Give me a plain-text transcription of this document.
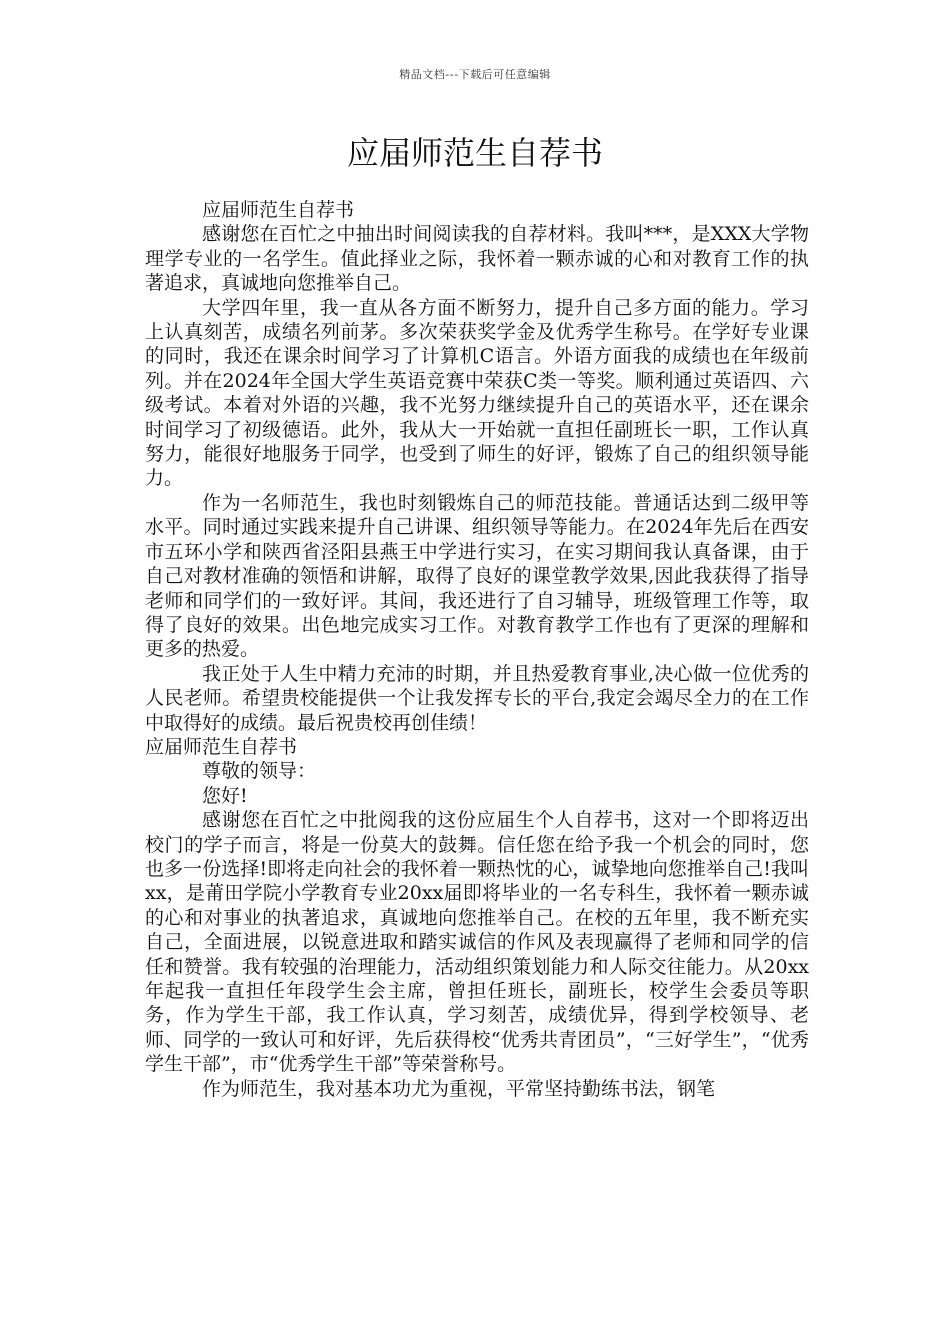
精品文档---下载后可任意编辑
应届师范生自荐书

应届师范生自荐书

感谢您在百忙之中抽出时间阅读我的自荐材料。我叫***，是XXX大学物理学专业的一名学生。值此择业之际，我怀着一颗赤诚的心和对教育工作的执著追求，真诚地向您推举自己。

大学四年里，我一直从各方面不断努力，提升自己多方面的能力。学习上认真刻苦，成绩名列前茅。多次荣获奖学金及优秀学生称号。在学好专业课的同时，我还在课余时间学习了计算机C语言。外语方面我的成绩也在年级前列。并在2024年全国大学生英语竞赛中荣获C类一等奖。顺利通过英语四、六级考试。本着对外语的兴趣，我不光努力继续提升自己的英语水平，还在课余时间学习了初级德语。此外，我从大一开始就一直担任副班长一职，工作认真努力，能很好地服务于同学，也受到了师生的好评，锻炼了自己的组织领导能力。

作为一名师范生，我也时刻锻炼自己的师范技能。普通话达到二级甲等水平。同时通过实践来提升自己讲课、组织领导等能力。在2024年先后在西安市五环小学和陕西省泾阳县燕王中学进行实习，在实习期间我认真备课，由于自己对教材准确的领悟和讲解，取得了良好的课堂教学效果,因此我获得了指导老师和同学们的一致好评。其间，我还进行了自习辅导，班级管理工作等，取得了良好的效果。出色地完成实习工作。对教育教学工作也有了更深的理解和更多的热爱。

我正处于人生中精力充沛的时期，并且热爱教育事业,决心做一位优秀的人民老师。希望贵校能提供一个让我发挥专长的平台,我定会竭尽全力的在工作中取得好的成绩。最后祝贵校再创佳绩！

应届师范生自荐书

尊敬的领导：

您好!

感谢您在百忙之中批阅我的这份应届生个人自荐书，这对一个即将迈出校门的学子而言，将是一份莫大的鼓舞。信任您在给予我一个机会的同时，您也多一份选择!即将走向社会的我怀着一颗热忱的心，诚挚地向您推举自己!我叫xx，是莆田学院小学教育专业20xx届即将毕业的一名专科生，我怀着一颗赤诚的心和对事业的执著追求，真诚地向您推举自己。在校的五年里，我不断充实自己，全面进展，以锐意进取和踏实诚信的作风及表现赢得了老师和同学的信任和赞誉。我有较强的治理能力，活动组织策划能力和人际交往能力。从20xx年起我一直担任年段学生会主席，曾担任班长，副班长，校学生会委员等职务，作为学生干部，我工作认真，学习刻苦，成绩优异，得到学校领导、老师、同学的一致认可和好评，先后获得校“优秀共青团员”，“三好学生”，“优秀学生干部”，市“优秀学生干部”等荣誉称号。

作为师范生，我对基本功尤为重视，平常坚持勤练书法，钢笔
